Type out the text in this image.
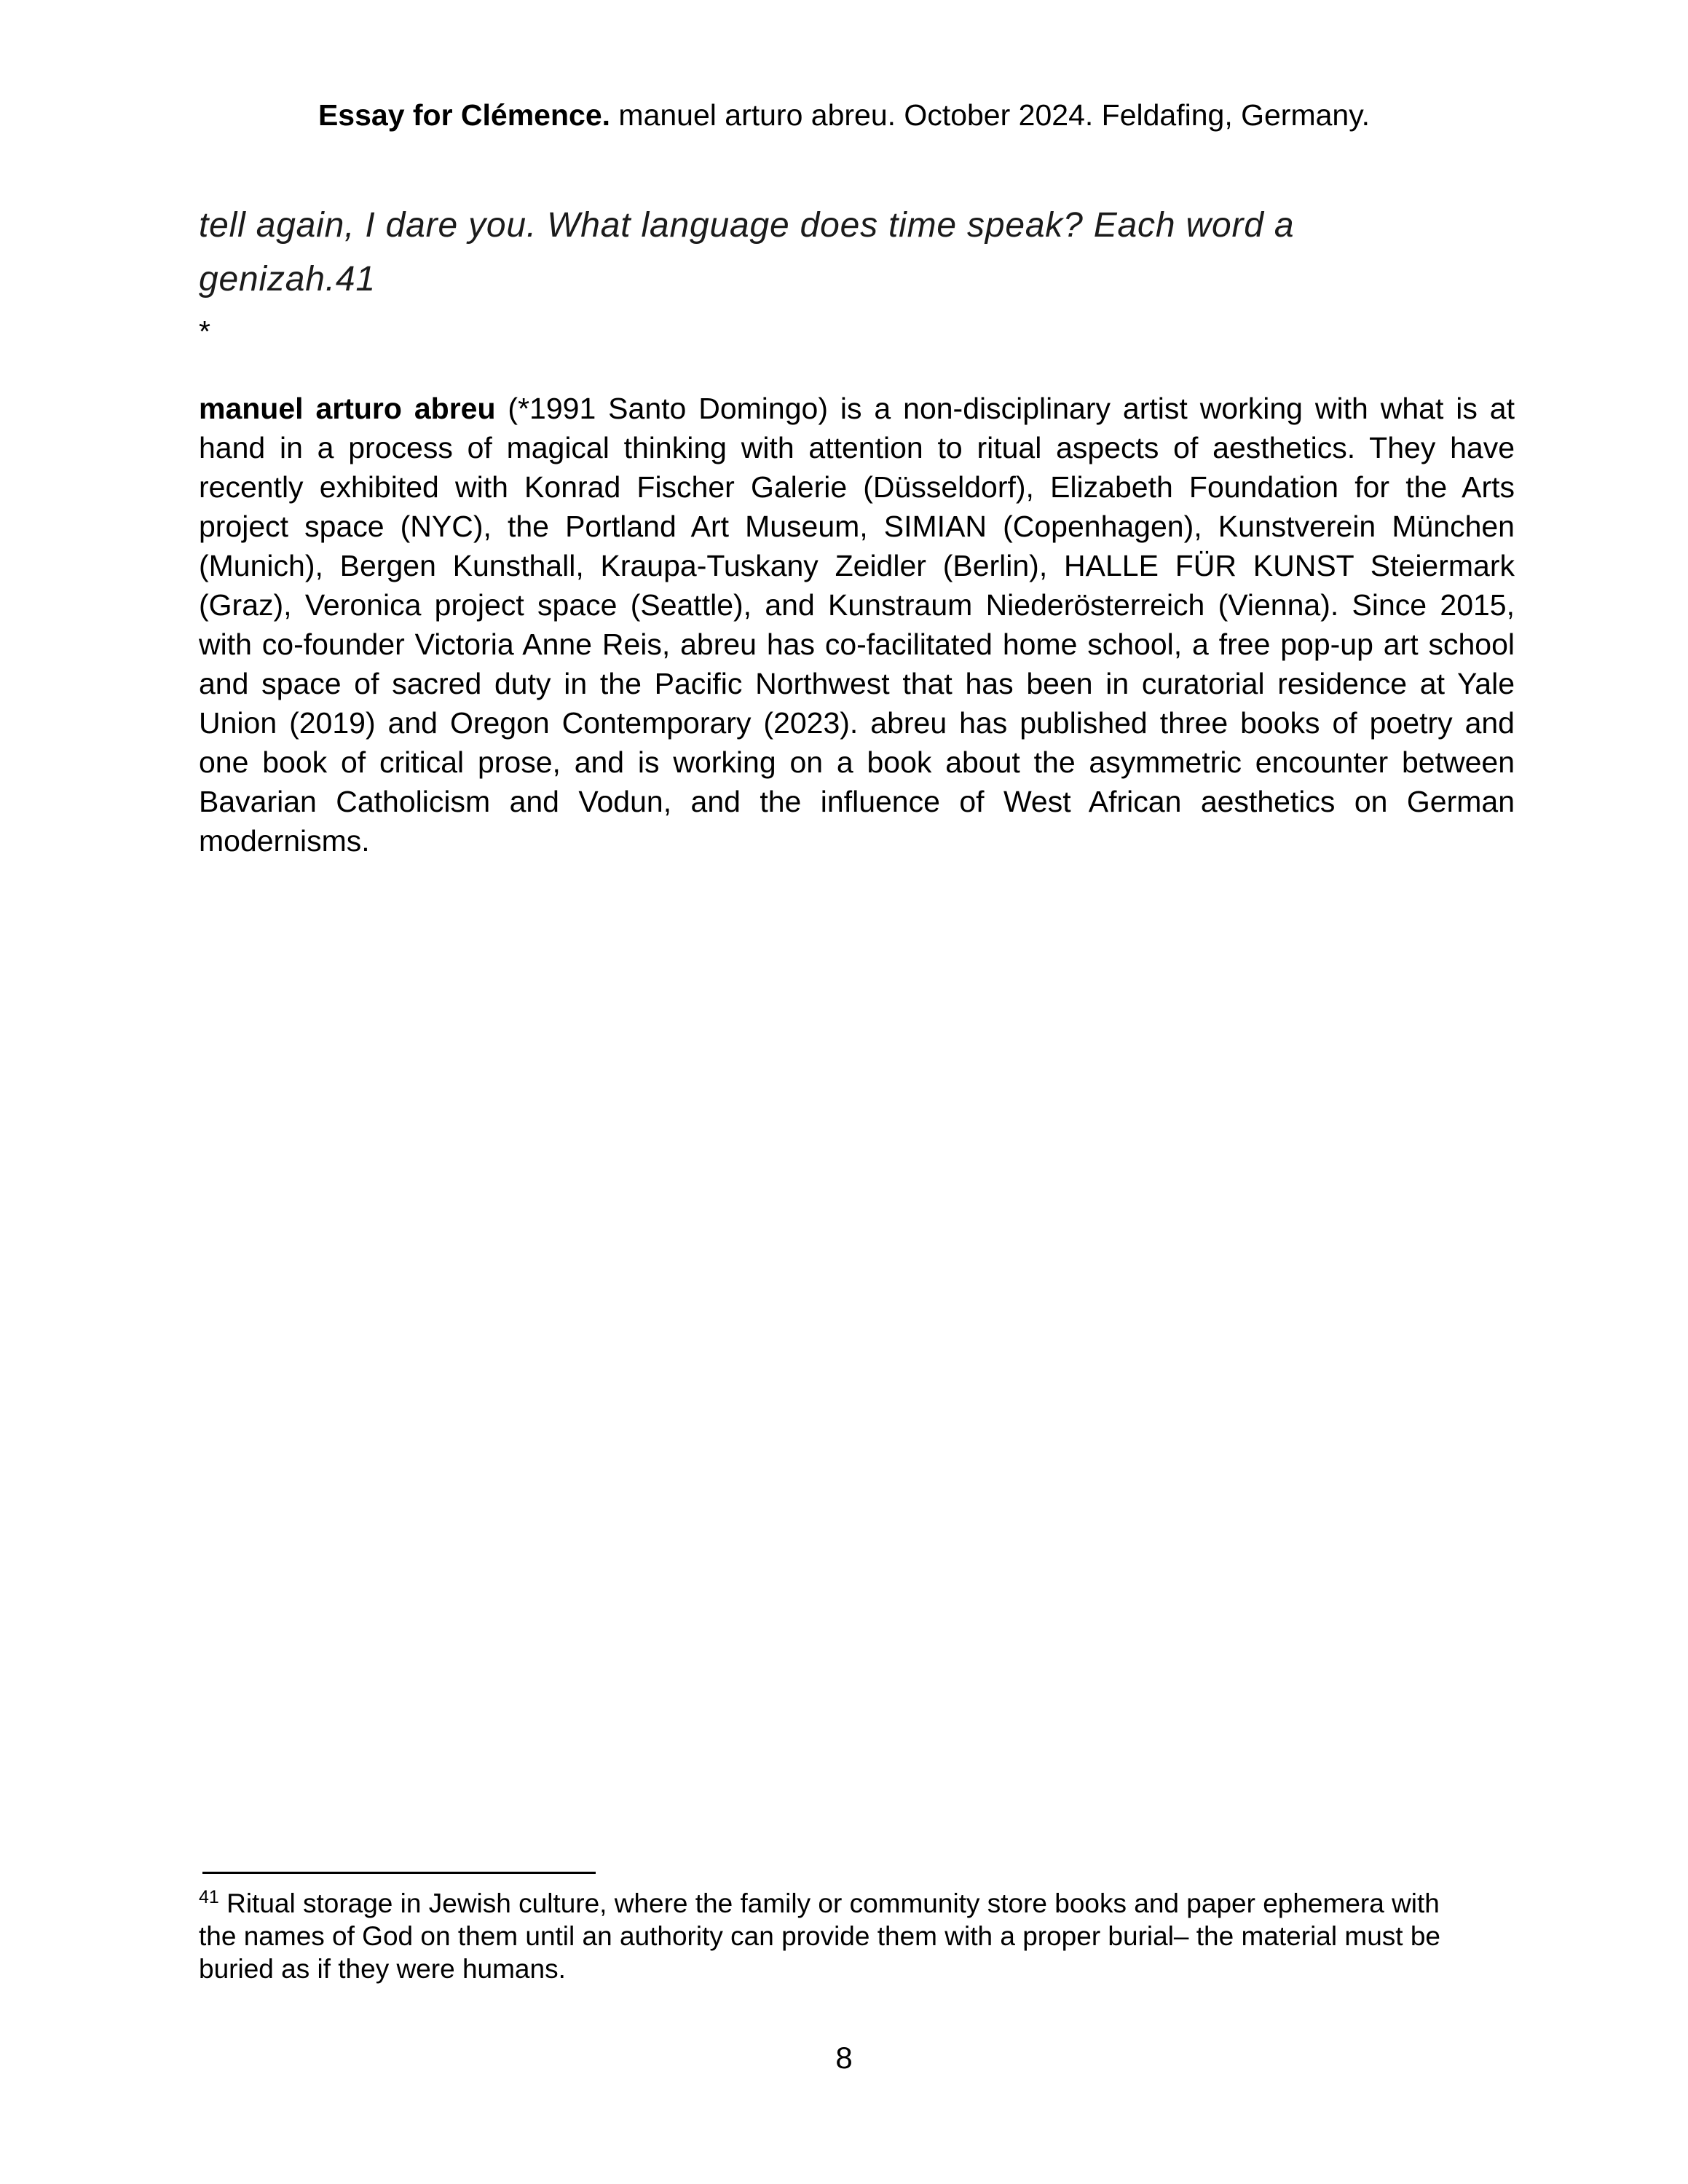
Essay for Clémence. manuel arturo abreu. October 2024. Feldafing, Germany.
tell again, I dare you. What language does time speak? Each word a
genizah.41
*
manuel arturo abreu (*1991 Santo Domingo) is a non-disciplinary artist working with what is at
hand in a process of magical thinking with attention to ritual aspects of aesthetics. They have
recently exhibited with Konrad Fischer Galerie (Düsseldorf), Elizabeth Foundation for the Arts
project space (NYC), the Portland Art Museum, SIMIAN (Copenhagen), Kunstverein München
(Munich), Bergen Kunsthall, Kraupa-Tuskany Zeidler (Berlin), HALLE FÜR KUNST Steiermark
(Graz), Veronica project space (Seattle), and Kunstraum Niederösterreich (Vienna). Since 2015,
with co-founder Victoria Anne Reis, abreu has co-facilitated home school, a free pop-up art school
and space of sacred duty in the Pacific Northwest that has been in curatorial residence at Yale
Union (2019) and Oregon Contemporary (2023). abreu has published three books of poetry and
one book of critical prose, and is working on a book about the asymmetric encounter between
Bavarian Catholicism and Vodun, and the influence of West African aesthetics on German
modernisms.
$^{41}$ Ritual storage in Jewish culture, where the family or community store books and paper ephemera with
the names of God on them until an authority can provide them with a proper burial– the material must be
buried as if they were humans.
8
